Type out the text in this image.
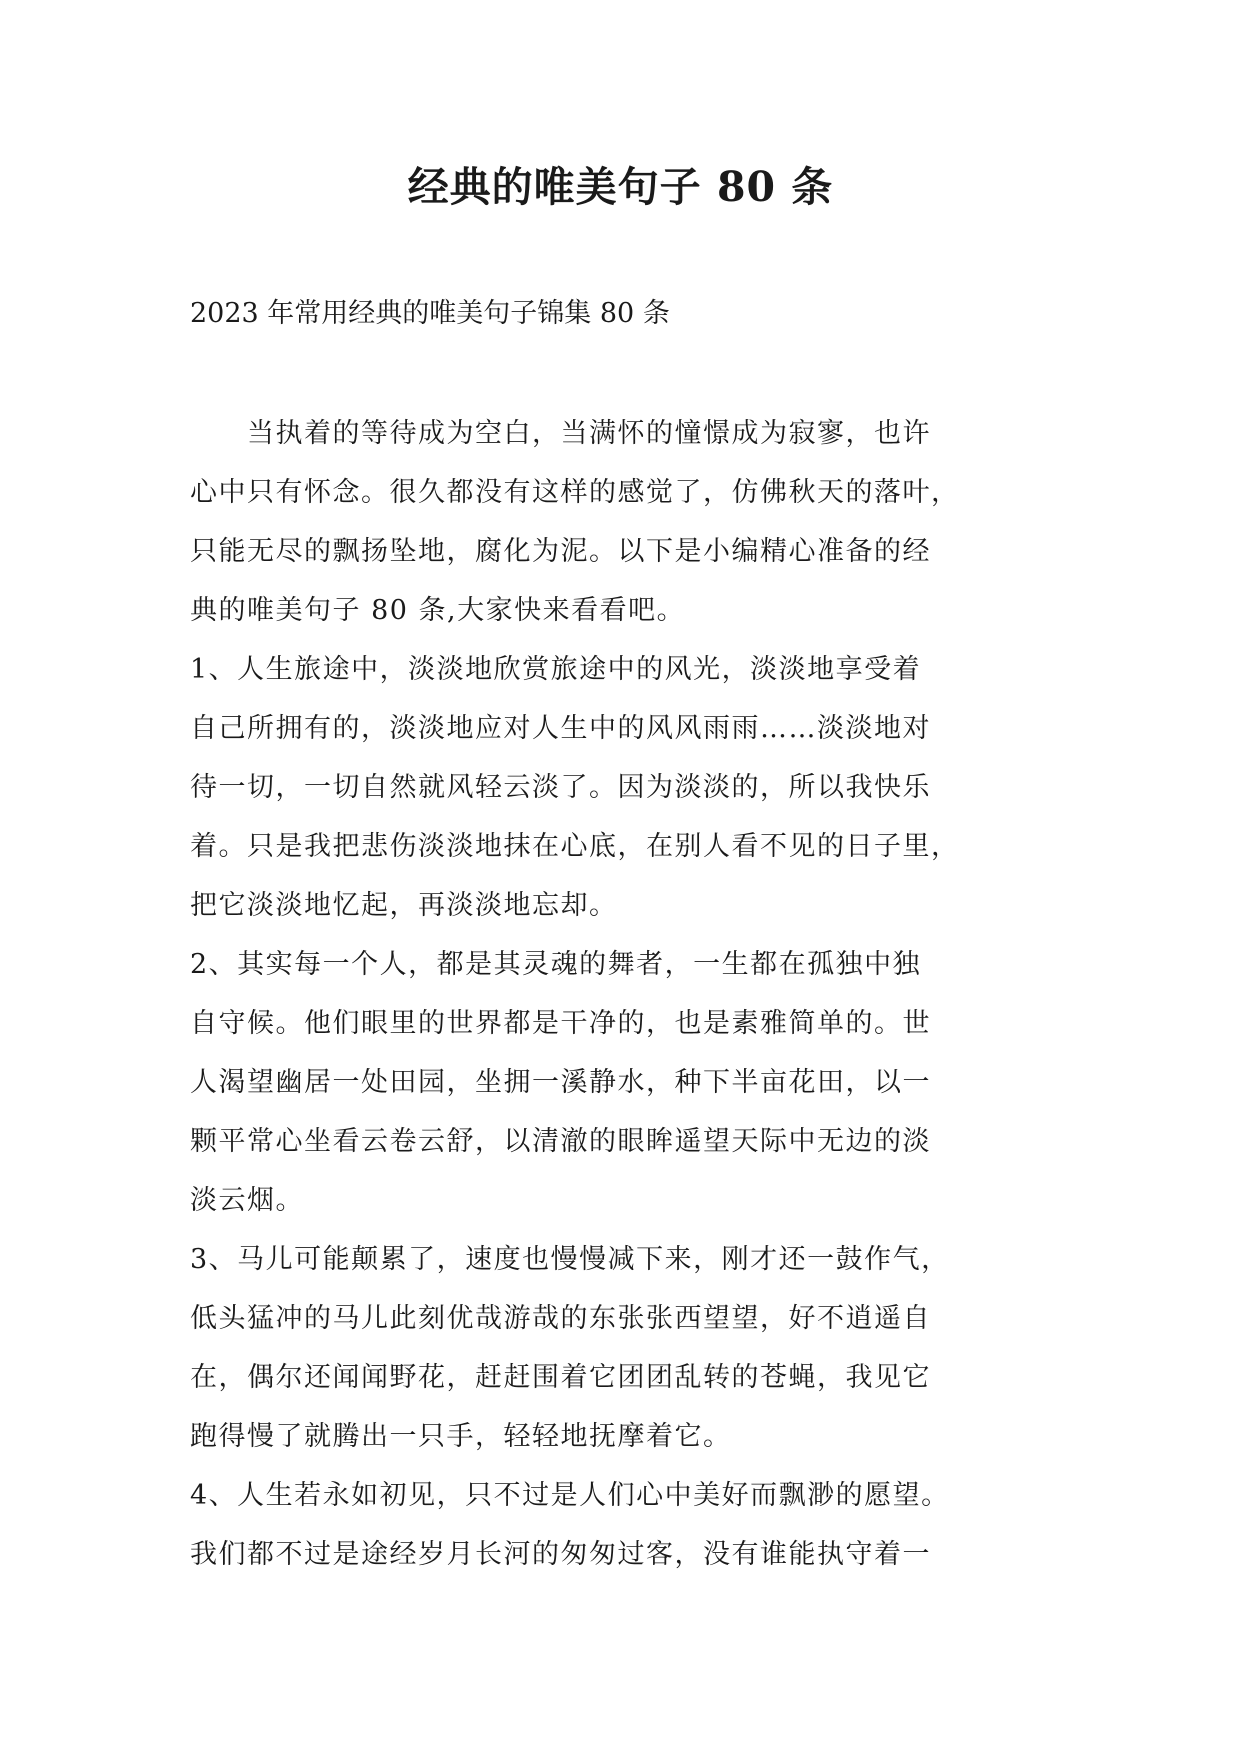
经典的唯美句子 80 条
2023 年常用经典的唯美句子锦集 80 条
　　当执着的等待成为空白，当满怀的憧憬成为寂寥，也许
心中只有怀念。很久都没有这样的感觉了，仿佛秋天的落叶，
只能无尽的飘扬坠地，腐化为泥。以下是小编精心准备的经
典的唯美句子 80 条,大家快来看看吧。
1、人生旅途中，淡淡地欣赏旅途中的风光，淡淡地享受着
自己所拥有的，淡淡地应对人生中的风风雨雨……淡淡地对
待一切，一切自然就风轻云淡了。因为淡淡的，所以我快乐
着。只是我把悲伤淡淡地抹在心底，在别人看不见的日子里，
把它淡淡地忆起，再淡淡地忘却。
2、其实每一个人，都是其灵魂的舞者，一生都在孤独中独
自守候。他们眼里的世界都是干净的，也是素雅简单的。世
人渴望幽居一处田园，坐拥一溪静水，种下半亩花田，以一
颗平常心坐看云卷云舒，以清澈的眼眸遥望天际中无边的淡
淡云烟。
3、马儿可能颠累了，速度也慢慢减下来，刚才还一鼓作气，
低头猛冲的马儿此刻优哉游哉的东张张西望望，好不逍遥自
在，偶尔还闻闻野花，赶赶围着它团团乱转的苍蝇，我见它
跑得慢了就腾出一只手，轻轻地抚摩着它。
4、人生若永如初见，只不过是人们心中美好而飘渺的愿望。
我们都不过是途经岁月长河的匆匆过客，没有谁能执守着一
